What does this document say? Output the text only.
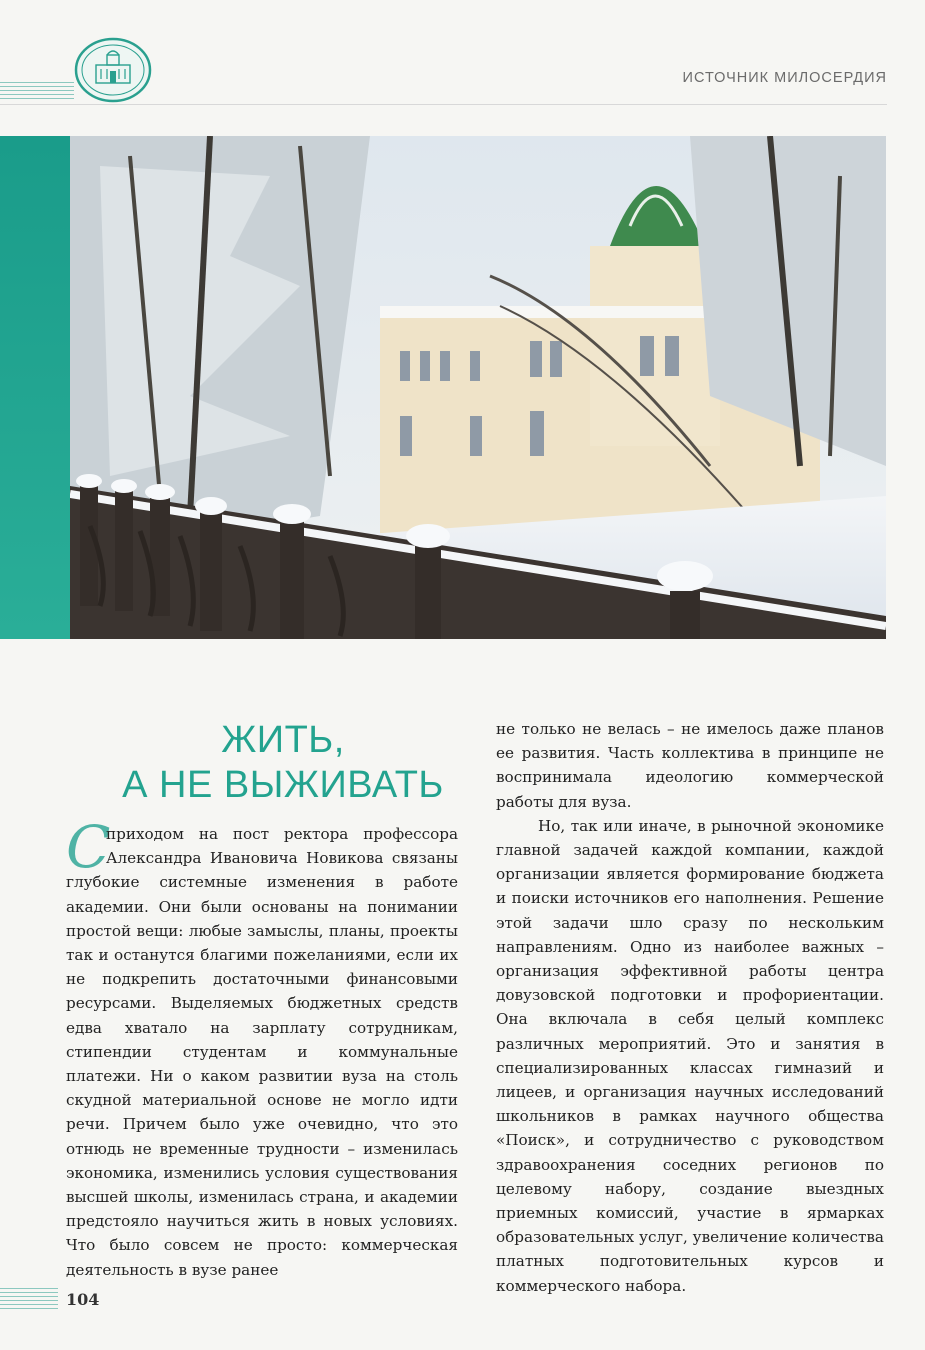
ИСТОЧНИК МИЛОСЕРДИЯ
ЖИТЬ,
А НЕ ВЫЖИВАТЬ
С

приходом на пост ректора профессора Александра Ивановича Новикова связаны глубокие системные изменения в работе академии. Они были основаны на понимании простой вещи: любые замыслы, планы, проекты так и останутся благими пожеланиями, если их не подкрепить достаточными финансовыми ресурсами. Выделяемых бюджетных средств едва хватало на зарплату сотрудникам, стипендии студентам и коммунальные платежи. Ни о каком развитии вуза на столь скудной материальной основе не могло идти речи. Причем было уже очевидно, что это отнюдь не временные трудности – изменилась экономика, изменились условия существования высшей школы, изменилась страна, и академии предстояло научиться жить в новых условиях. Что было совсем не просто: коммерческая деятельность в вузе ранее

не только не велась – не имелось даже планов ее развития. Часть коллектива в принципе не воспринимала идеологию коммерческой работы для вуза.

Но, так или иначе, в рыночной экономике главной задачей каждой компании, каждой организации является формирование бюджета и поиски источников его наполнения. Решение этой задачи шло сразу по нескольким направлениям. Одно из наиболее важных – организация эффективной работы центра довузовской подготовки и профориентации. Она включала в себя целый комплекс различных мероприятий. Это и занятия в специализированных классах гимназий и лицеев, и организация научных исследований школьников в рамках научного общества «Поиск», и сотрудничество с руководством здравоохранения соседних регионов по целевому набору, создание выездных приемных комиссий, участие в ярмарках образовательных услуг, увеличение количества платных подготовительных курсов и коммерческого набора.

104
